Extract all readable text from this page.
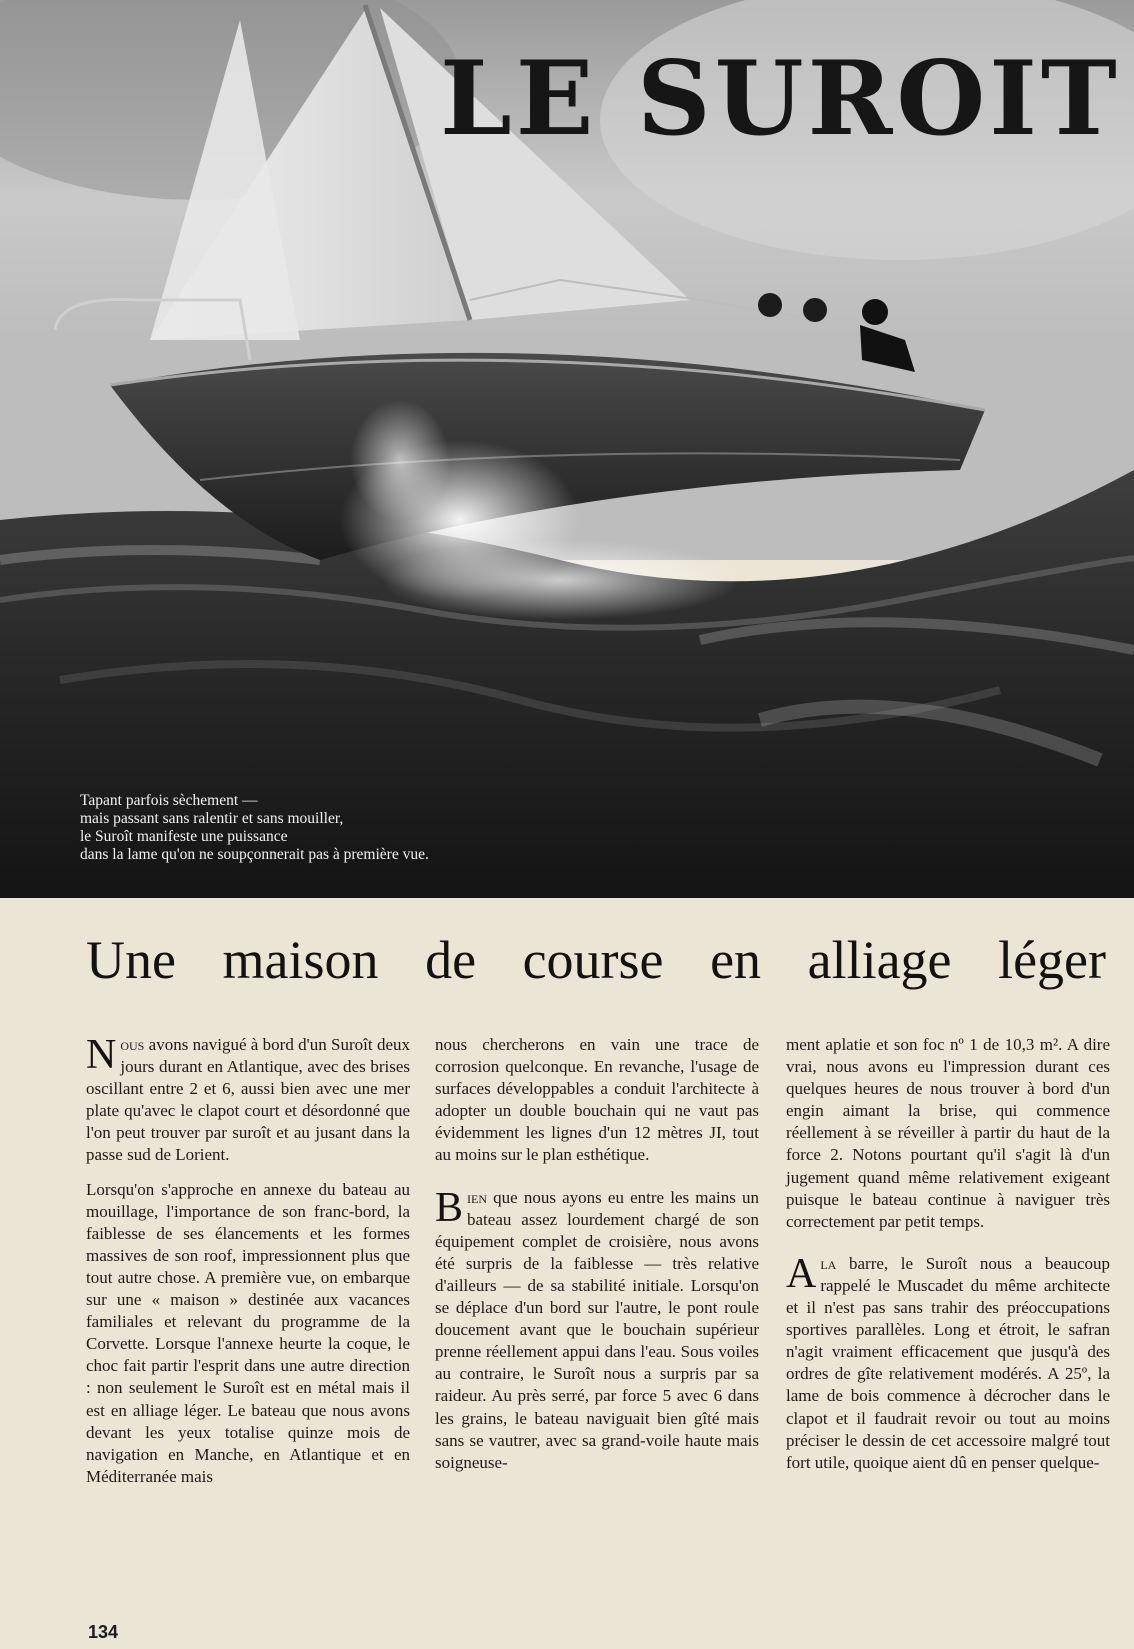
LE SUROIT
Tapant parfois sèchement —
mais passant sans ralentir et sans mouiller,
le Suroît manifeste une puissance
dans la lame qu'on ne soupçonnerait pas à première vue.
Une maison de course en alliage léger

Nous avons navigué à bord d'un Suroît deux jours durant en Atlantique, avec des brises oscillant entre 2 et 6, aussi bien avec une mer plate qu'avec le clapot court et désordonné que l'on peut trouver par suroît et au jusant dans la passe sud de Lorient.

Lorsqu'on s'approche en annexe du bateau au mouillage, l'importance de son franc-bord, la faiblesse de ses élancements et les formes massives de son roof, impressionnent plus que tout autre chose. A première vue, on embarque sur une « maison » destinée aux vacances familiales et relevant du programme de la Corvette. Lorsque l'annexe heurte la coque, le choc fait partir l'esprit dans une autre direction : non seulement le Suroît est en métal mais il est en alliage léger. Le bateau que nous avons devant les yeux totalise quinze mois de navigation en Manche, en Atlantique et en Méditerranée mais

nous chercherons en vain une trace de corrosion quelconque. En revanche, l'usage de surfaces développables a conduit l'architecte à adopter un double bouchain qui ne vaut pas évidemment les lignes d'un 12 mètres JI, tout au moins sur le plan esthétique.

Bien que nous ayons eu entre les mains un bateau assez lourdement chargé de son équipement complet de croisière, nous avons été surpris de la faiblesse — très relative d'ailleurs — de sa stabilité initiale. Lorsqu'on se déplace d'un bord sur l'autre, le pont roule doucement avant que le bouchain supérieur prenne réellement appui dans l'eau. Sous voiles au contraire, le Suroît nous a surpris par sa raideur. Au près serré, par force 5 avec 6 dans les grains, le bateau naviguait bien gîté mais sans se vautrer, avec sa grand-voile haute mais soigneuse-

ment aplatie et son foc nº 1 de 10,3 m². A dire vrai, nous avons eu l'impression durant ces quelques heures de nous trouver à bord d'un engin aimant la brise, qui commence réellement à se réveiller à partir du haut de la force 2. Notons pourtant qu'il s'agit là d'un jugement quand même relativement exigeant puisque le bateau continue à naviguer très correctement par petit temps.

Ala barre, le Suroît nous a beaucoup rappelé le Muscadet du même architecte et il n'est pas sans trahir des préoccupations sportives parallèles. Long et étroit, le safran n'agit vraiment efficacement que jusqu'à des ordres de gîte relativement modérés. A 25º, la lame de bois commence à décrocher dans le clapot et il faudrait revoir ou tout au moins préciser le dessin de cet accessoire malgré tout fort utile, quoique aient dû en penser quelque-

134
